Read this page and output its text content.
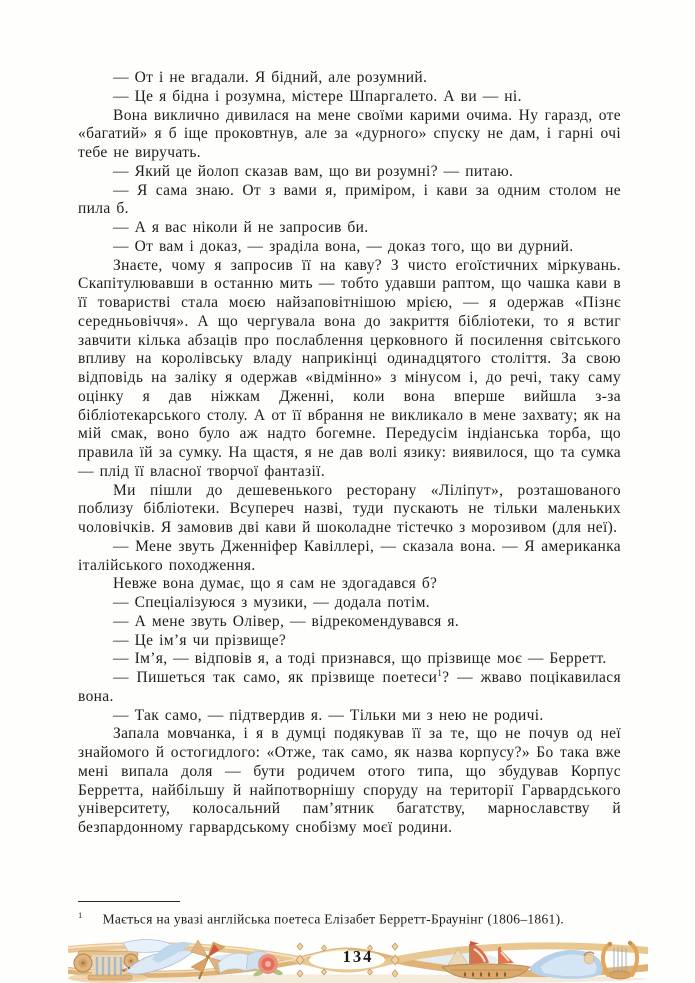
— От і не вгадали. Я бідний, але розумний.

— Це я бідна і розумна, містере Шпаргалето. А ви — ні.

Вона виклично дивилася на мене своїми карими очима. Ну гаразд, оте «багатий» я б іще проковтнув, але за «дурного» спуску не дам, і гарні очі тебе не виручать.

— Який це йолоп сказав вам, що ви розумні? — питаю.

— Я сама знаю. От з вами я, приміром, і кави за одним столом не пила б.

— А я вас ніколи й не запросив би.

— От вам і доказ, — зраділа вона, — доказ того, що ви дурний.

Знаєте, чому я запросив її на каву? З чисто егоїстичних міркувань. Скапітулювавши в останню мить — тобто удавши раптом, що чашка кави в її товаристві стала моєю найзаповітнішою мрією, — я одержав «Пізнє середньовіччя». А що чергувала вона до закриття бібліотеки, то я встиг завчити кілька абзаців про послаблення церковного й посилення світського впливу на королівську владу наприкінці одинадцятого століття. За свою відповідь на заліку я одержав «відмінно» з мінусом і, до речі, таку саму оцінку я дав ніжкам Дженні, коли вона вперше вийшла з-за бібліотекарського столу. А от її вбрання не викликало в мене захвату; як на мій смак, воно було аж надто богемне. Передусім індіанська торба, що правила їй за сумку. На щастя, я не дав волі язику: виявилося, що та сумка — плід її власної творчої фантазії.

Ми пішли до дешевенького ресторану «Ліліпут», розташованого поблизу бібліотеки. Всупереч назві, туди пускають не тільки маленьких чоловічків. Я замовив дві кави й шоколадне тістечко з морозивом (для неї).

— Мене звуть Дженніфер Кавіллері, — сказала вона. — Я американка італійського походження.

Невже вона думає, що я сам не здогадався б?

— Спеціалізуюся з музики, — додала потім.

— А мене звуть Олівер, — відрекомендувався я.

— Це ім’я чи прізвище?

— Ім’я, — відповів я, а тоді признався, що прізвище моє — Берретт.

— Пишеться так само, як прізвище поетеси$^1$? — жваво поцікавилася вона.

— Так само, — підтвердив я. — Тільки ми з нею не родичі.

Запала мовчанка, і я в думці подякував її за те, що не почув од неї знайомого й остогидлого: «Отже, так само, як назва корпусу?» Бо така вже мені випала доля — бути родичем отого типа, що збудував Корпус Берретта, найбільшу й найпотворнішу споруду на території Гарвардського університету, колосальний пам’ятник багатству, марнославству й безпардонному гарвардському снобізму моєї родини.

$^1$ Мається на увазі англійська поетеса Елізабет Берретт-Браунінг (1806–1861).

134
